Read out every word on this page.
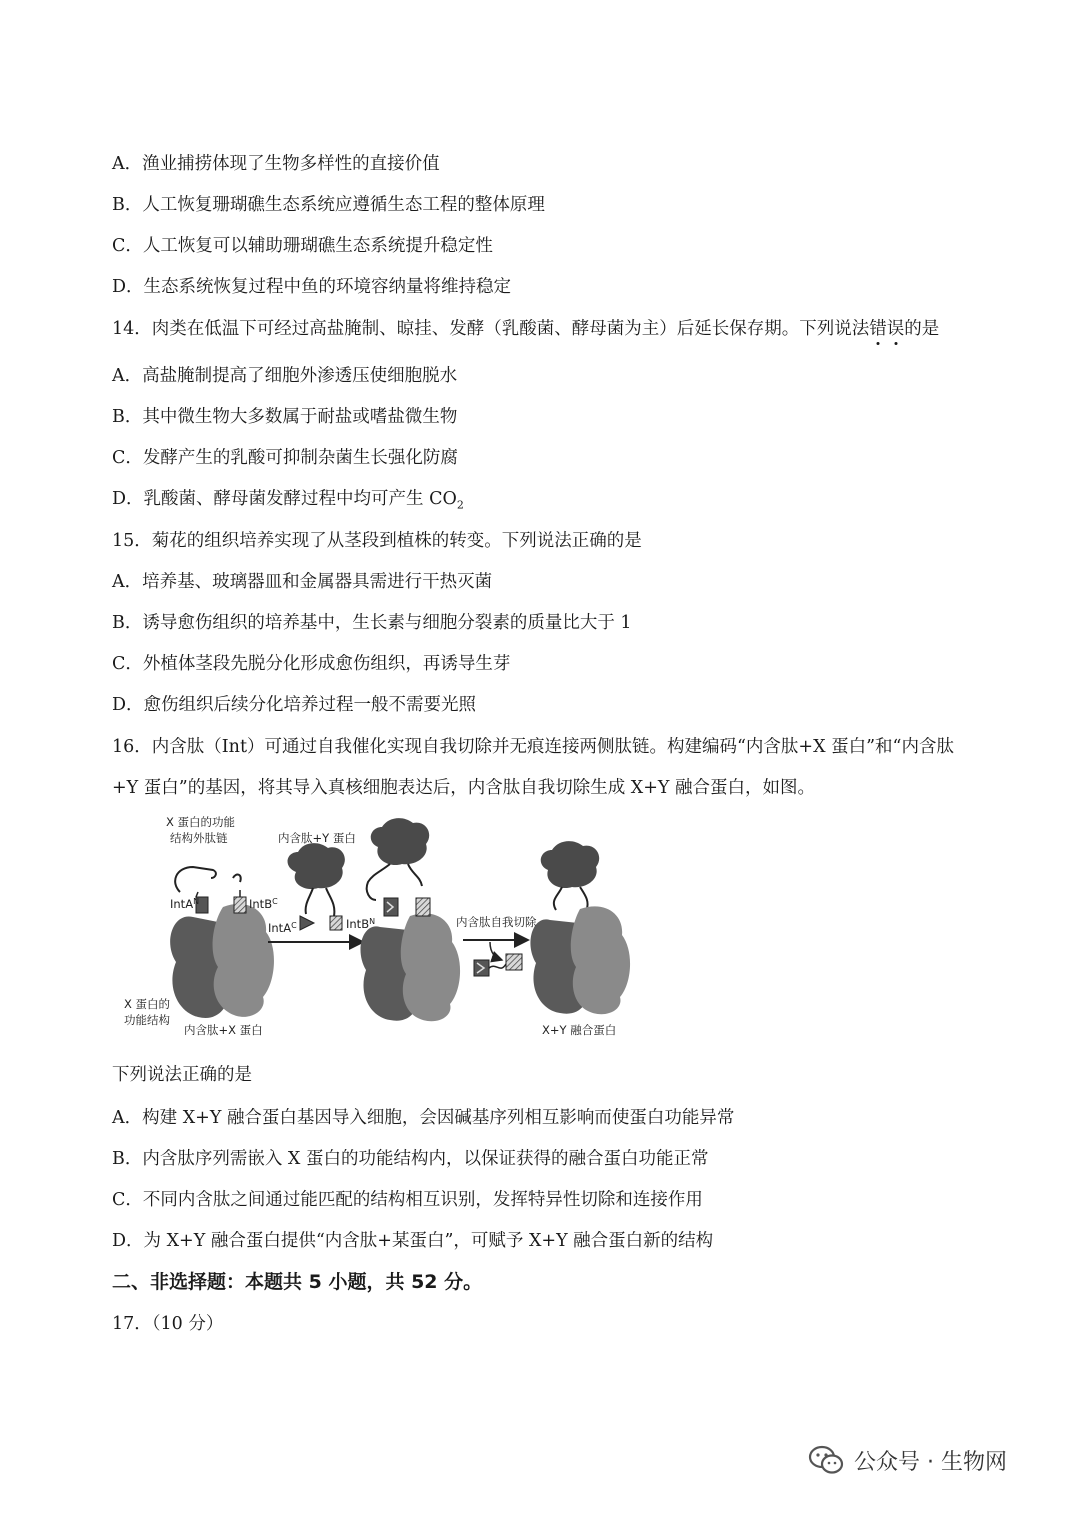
A．渔业捕捞体现了生物多样性的直接价值
B．人工恢复珊瑚礁生态系统应遵循生态工程的整体原理
C．人工恢复可以辅助珊瑚礁生态系统提升稳定性
D．生态系统恢复过程中鱼的环境容纳量将维持稳定
14．肉类在低温下可经过高盐腌制、晾挂、发酵（乳酸菌、酵母菌为主）后延长保存期。下列说法错误的是
A．高盐腌制提高了细胞外渗透压使细胞脱水
B．其中微生物大多数属于耐盐或嗜盐微生物
C．发酵产生的乳酸可抑制杂菌生长强化防腐
D．乳酸菌、酵母菌发酵过程中均可产生 $CO_2$
15．菊花的组织培养实现了从茎段到植株的转变。下列说法正确的是
A．培养基、玻璃器皿和金属器具需进行干热灭菌
B．诱导愈伤组织的培养基中，生长素与细胞分裂素的质量比大于 1
C．外植体茎段先脱分化形成愈伤组织，再诱导生芽
D．愈伤组织后续分化培养过程一般不需要光照
16．内含肽（Int）可通过自我催化实现自我切除并无痕连接两侧肽链。构建编码“内含肽+X 蛋白”和“内含肽
+Y 蛋白”的基因，将其导入真核细胞表达后，内含肽自我切除生成 X+Y 融合蛋白，如图。
X 蛋白的功能
结构外肽链
IntA$^N$	IntB$^C$
X 蛋白的
功能结构
内含肽+X 蛋白
内含肽+Y 蛋白
IntA$^C$	IntB$^N$	内含肽自我切除
X+Y 融合蛋白
下列说法正确的是
A．构建 X+Y 融合蛋白基因导入细胞，会因碱基序列相互影响而使蛋白功能异常
B．内含肽序列需嵌入 X 蛋白的功能结构内，以保证获得的融合蛋白功能正常
C．不同内含肽之间通过能匹配的结构相互识别，发挥特异性切除和连接作用
D．为 X+Y 融合蛋白提供“内含肽+某蛋白”，可赋予 X+Y 融合蛋白新的结构
二、非选择题：本题共 5 小题，共 52 分。
17．（10 分）
公众号 · 生物网
